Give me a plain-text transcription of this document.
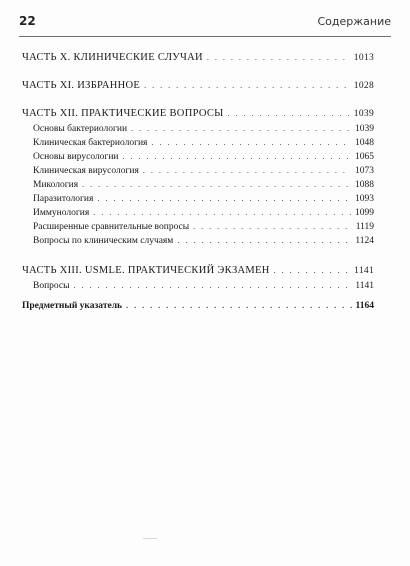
22	Содержание
ЧАСТЬ X. КЛИНИЧЕСКИЕ СЛУЧАИ . . .	1013
ЧАСТЬ XI. ИЗБРАННОЕ . . .	1028
ЧАСТЬ XII. ПРАКТИЧЕСКИЕ ВОПРОСЫ . . .	1039
Основы бактериологии . . .	1039
Клиническая бактериология . . .	1048
Основы вирусологии . . .	1065
Клиническая вирусология . . .	1073
Микология . . .	1088
Паразитология . . .	1093
Иммунология . . .	1099
Расширенные сравнительные вопросы . . .	1119
Вопросы по клиническим случаям . . .	1124
ЧАСТЬ XIII. USMLE. ПРАКТИЧЕСКИЙ ЭКЗАМЕН . . .	1141
Вопросы . . .	1141
Предметный указатель . . .	1164
